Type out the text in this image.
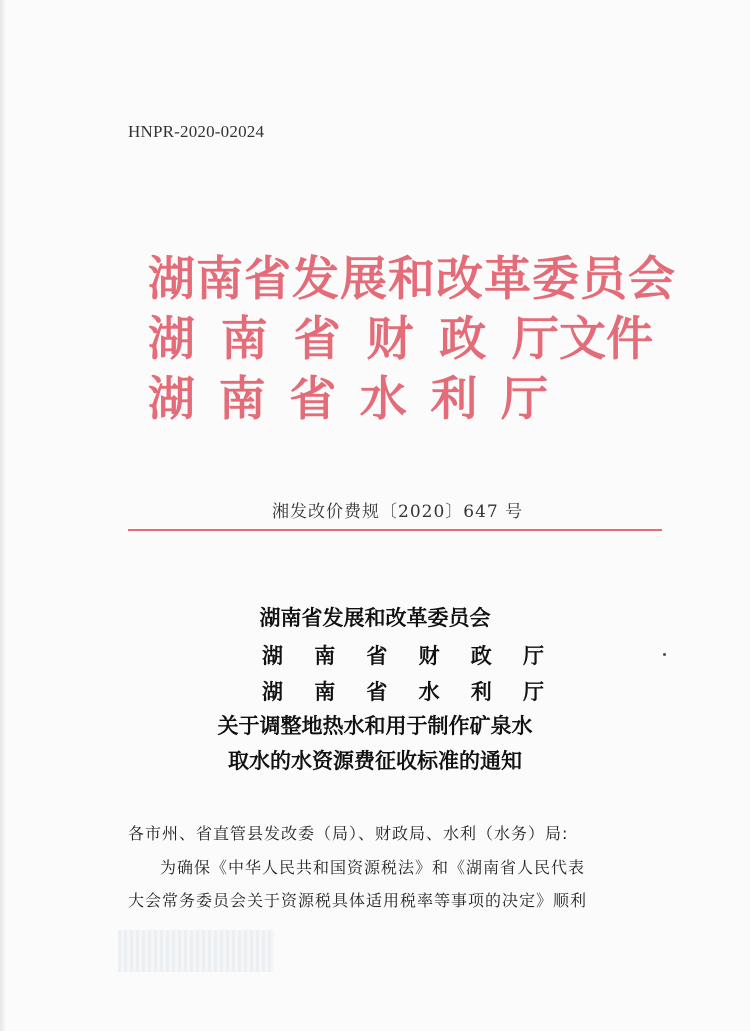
HNPR-2020-02024
湖南省发展和改革委员会
湖 南 省 财 政 厅文件
湖 南 省 水 利 厅
湘发改价费规〔2020〕647 号
湖南省发展和改革委员会
湖 南 省 财 政 厅
湖 南 省 水 利 厅
关于调整地热水和用于制作矿泉水
取水的水资源费征收标准的通知
各市州、省直管县发改委（局）、财政局、水利（水务）局:
为确保《中华人民共和国资源税法》和《湖南省人民代表
大会常务委员会关于资源税具体适用税率等事项的决定》顺利
